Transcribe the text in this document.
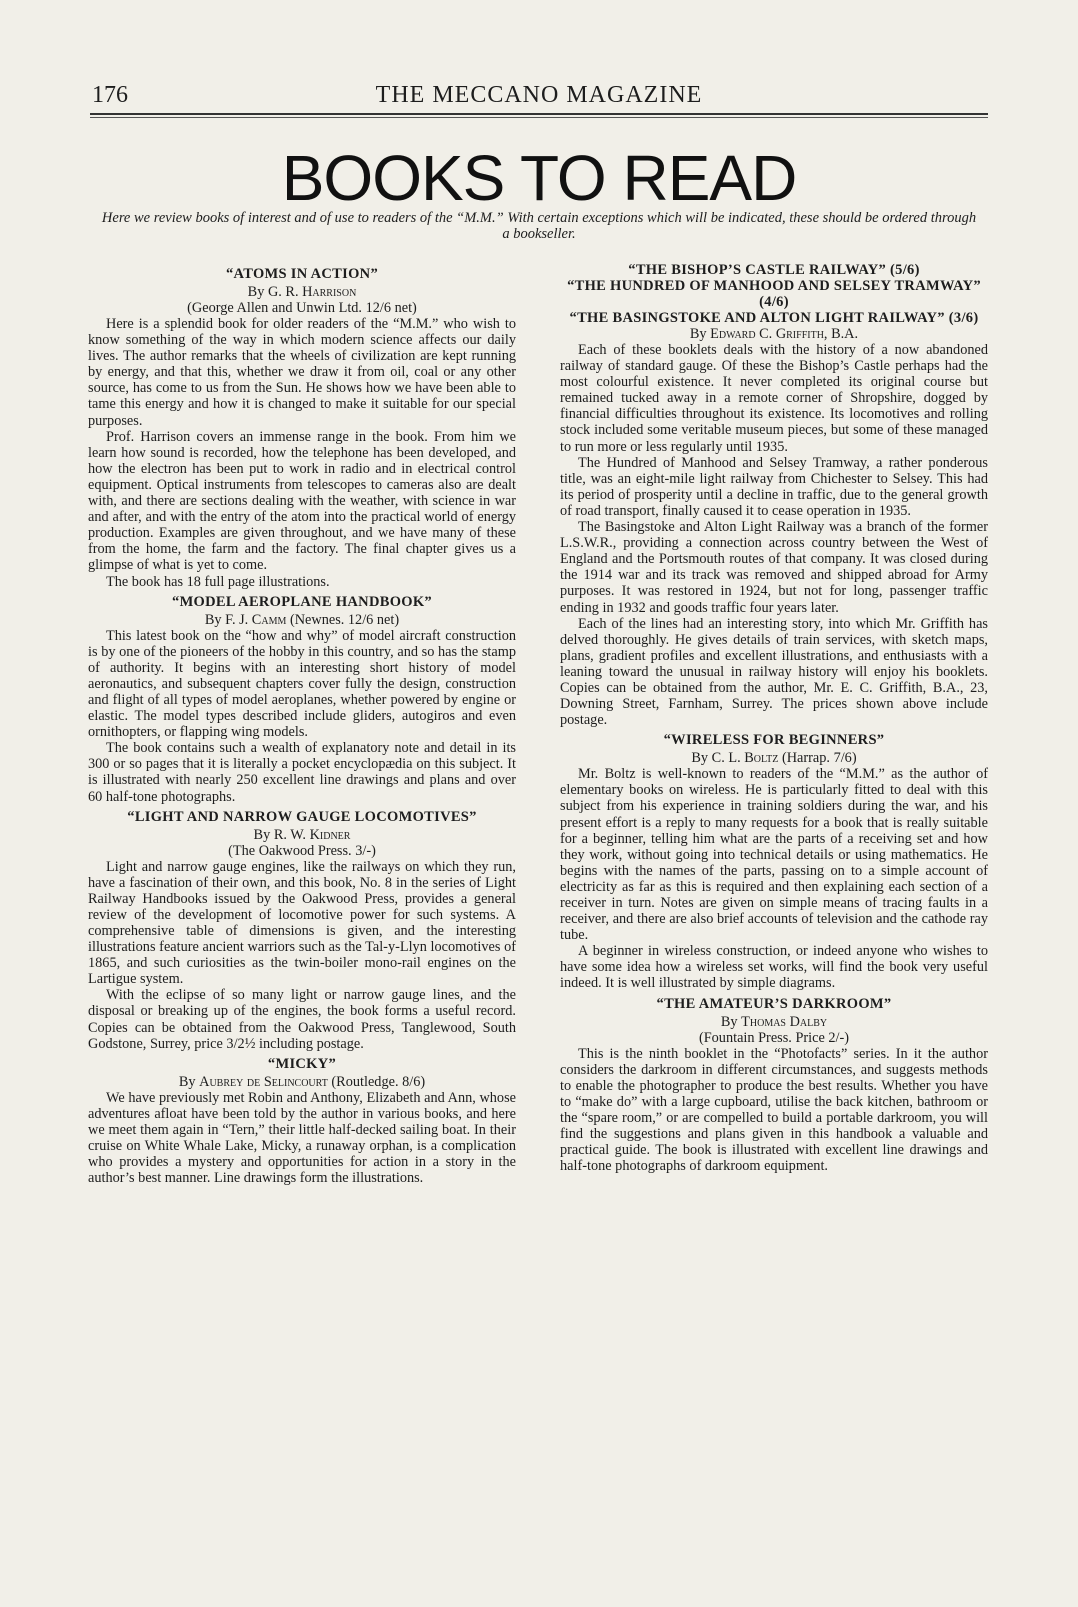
176	THE MECCANO MAGAZINE
BOOKS TO READ
Here we review books of interest and of use to readers of the “M.M.” With certain exceptions which will be indicated, these should be ordered through a bookseller.
“ATOMS IN ACTION”
By G. R. Harrison
(George Allen and Unwin Ltd. 12/6 net)

Here is a splendid book for older readers of the “M.M.” who wish to know something of the way in which modern science affects our daily lives. The author remarks that the wheels of civilization are kept running by energy, and that this, whether we draw it from oil, coal or any other source, has come to us from the Sun. He shows how we have been able to tame this energy and how it is changed to make it suitable for our special purposes.

Prof. Harrison covers an immense range in the book. From him we learn how sound is recorded, how the telephone has been developed, and how the electron has been put to work in radio and in electrical control equipment. Optical instruments from telescopes to cameras also are dealt with, and there are sections dealing with the weather, with science in war and after, and with the entry of the atom into the practical world of energy production. Examples are given throughout, and we have many of these from the home, the farm and the factory. The final chapter gives us a glimpse of what is yet to come.

The book has 18 full page illustrations.

“MODEL AEROPLANE HANDBOOK”
By F. J. Camm (Newnes. 12/6 net)

This latest book on the “how and why” of model aircraft construction is by one of the pioneers of the hobby in this country, and so has the stamp of authority. It begins with an interesting short history of model aeronautics, and subsequent chapters cover fully the design, construction and flight of all types of model aeroplanes, whether powered by engine or elastic. The model types described include gliders, autogiros and even ornithopters, or flapping wing models.

The book contains such a wealth of explanatory note and detail in its 300 or so pages that it is literally a pocket encyclopædia on this subject. It is illustrated with nearly 250 excellent line drawings and plans and over 60 half-tone photographs.

“LIGHT AND NARROW GAUGE LOCOMOTIVES”
By R. W. Kidner
(The Oakwood Press. 3/-)

Light and narrow gauge engines, like the railways on which they run, have a fascination of their own, and this book, No. 8 in the series of Light Railway Handbooks issued by the Oakwood Press, provides a general review of the development of locomotive power for such systems. A comprehensive table of dimensions is given, and the interesting illustrations feature ancient warriors such as the Tal-y-Llyn locomotives of 1865, and such curiosities as the twin-boiler mono-rail engines on the Lartigue system.

With the eclipse of so many light or narrow gauge lines, and the disposal or breaking up of the engines, the book forms a useful record. Copies can be obtained from the Oakwood Press, Tanglewood, South Godstone, Surrey, price 3/2½ including postage.

“MICKY”
By Aubrey de Selincourt (Routledge. 8/6)

We have previously met Robin and Anthony, Elizabeth and Ann, whose adventures afloat have been told by the author in various books, and here we meet them again in “Tern,” their little half-decked sailing boat. In their cruise on White Whale Lake, Micky, a runaway orphan, is a complication who provides a mystery and opportunities for action in a story in the author’s best manner. Line drawings form the illustrations.

“THE BISHOP’S CASTLE RAILWAY” (5/6)
“THE HUNDRED OF MANHOOD AND SELSEY TRAMWAY” (4/6)
“THE BASINGSTOKE AND ALTON LIGHT RAILWAY” (3/6)
By Edward C. Griffith, B.A.

Each of these booklets deals with the history of a now abandoned railway of standard gauge. Of these the Bishop’s Castle perhaps had the most colourful existence. It never completed its original course but remained tucked away in a remote corner of Shropshire, dogged by financial difficulties throughout its existence. Its locomotives and rolling stock included some veritable museum pieces, but some of these managed to run more or less regularly until 1935.

The Hundred of Manhood and Selsey Tramway, a rather ponderous title, was an eight-mile light railway from Chichester to Selsey. This had its period of prosperity until a decline in traffic, due to the general growth of road transport, finally caused it to cease operation in 1935.

The Basingstoke and Alton Light Railway was a branch of the former L.S.W.R., providing a connection across country between the West of England and the Portsmouth routes of that company. It was closed during the 1914 war and its track was removed and shipped abroad for Army purposes. It was restored in 1924, but not for long, passenger traffic ending in 1932 and goods traffic four years later.

Each of the lines had an interesting story, into which Mr. Griffith has delved thoroughly. He gives details of train services, with sketch maps, plans, gradient profiles and excellent illustrations, and enthusiasts with a leaning toward the unusual in railway history will enjoy his booklets. Copies can be obtained from the author, Mr. E. C. Griffith, B.A., 23, Downing Street, Farnham, Surrey. The prices shown above include postage.

“WIRELESS FOR BEGINNERS”
By C. L. Boltz (Harrap. 7/6)

Mr. Boltz is well-known to readers of the “M.M.” as the author of elementary books on wireless. He is particularly fitted to deal with this subject from his experience in training soldiers during the war, and his present effort is a reply to many requests for a book that is really suitable for a beginner, telling him what are the parts of a receiving set and how they work, without going into technical details or using mathematics. He begins with the names of the parts, passing on to a simple account of electricity as far as this is required and then explaining each section of a receiver in turn. Notes are given on simple means of tracing faults in a receiver, and there are also brief accounts of television and the cathode ray tube.

A beginner in wireless construction, or indeed anyone who wishes to have some idea how a wireless set works, will find the book very useful indeed. It is well illustrated by simple diagrams.

“THE AMATEUR’S DARKROOM”
By Thomas Dalby
(Fountain Press. Price 2/-)

This is the ninth booklet in the “Photofacts” series. In it the author considers the darkroom in different circumstances, and suggests methods to enable the photographer to produce the best results. Whether you have to “make do” with a large cupboard, utilise the back kitchen, bathroom or the “spare room,” or are compelled to build a portable darkroom, you will find the suggestions and plans given in this handbook a valuable and practical guide. The book is illustrated with excellent line drawings and half-tone photographs of darkroom equipment.
